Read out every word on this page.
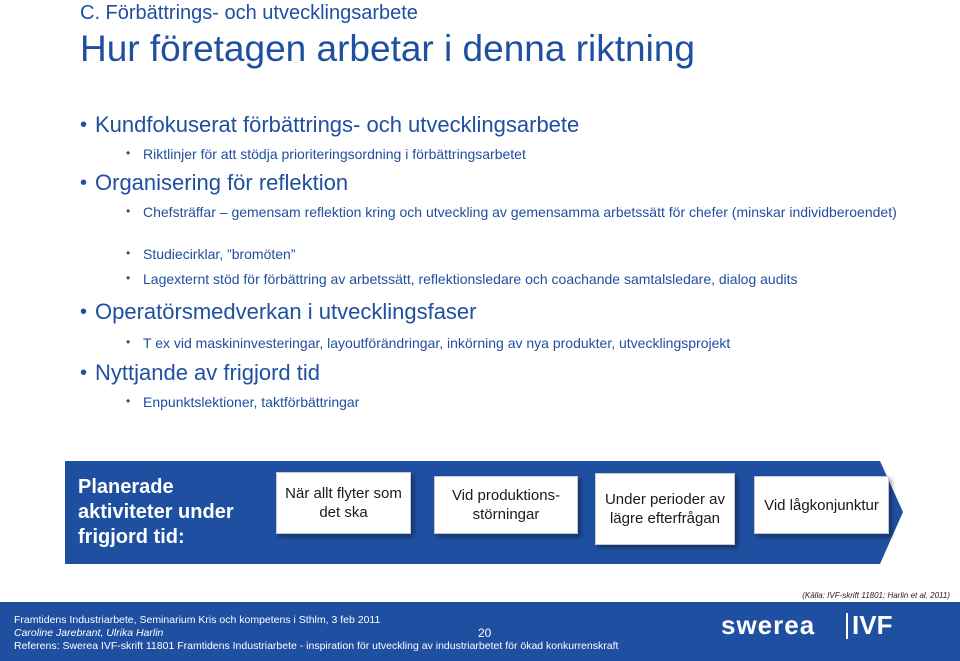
C. Förbättrings- och utvecklingsarbete
Hur företagen arbetar i denna riktning
• Kundfokuserat förbättrings- och utvecklingsarbete
• Riktlinjer för att stödja prioriteringsordning i förbättringsarbetet
• Organisering för reflektion
• Chefsträffar – gemensam reflektion kring och utveckling av gemensamma arbetssätt för chefer (minskar individberoendet)
• Studiecirklar, ”bromöten”
• Lagexternt stöd för förbättring av arbetssätt, reflektionsledare och coachande samtalsledare, dialog audits
• Operatörsmedverkan i utvecklingsfaser
• T ex vid maskininvesteringar, layoutförändringar, inkörning av nya produkter, utvecklingsprojekt
• Nyttjande av frigjord tid
• Enpunktslektioner, taktförbättringar
Planerade aktiviteter under frigjord tid:
När allt flyter som det ska
Vid produktions-störningar
Under perioder av lägre efterfrågan
Vid lågkonjunktur
(Källa: IVF-skrift 11801; Harlin et al, 2011)
Framtidens Industriarbete, Seminarium Kris och kompetens i Sthlm, 3 feb 2011
Caroline Jarebrant, Ulrika Harlin
Referens: Swerea IVF-skrift 11801 Framtidens Industriarbete - inspiration för utveckling av industriarbetet för ökad konkurrenskraft
20	swerea IVF
